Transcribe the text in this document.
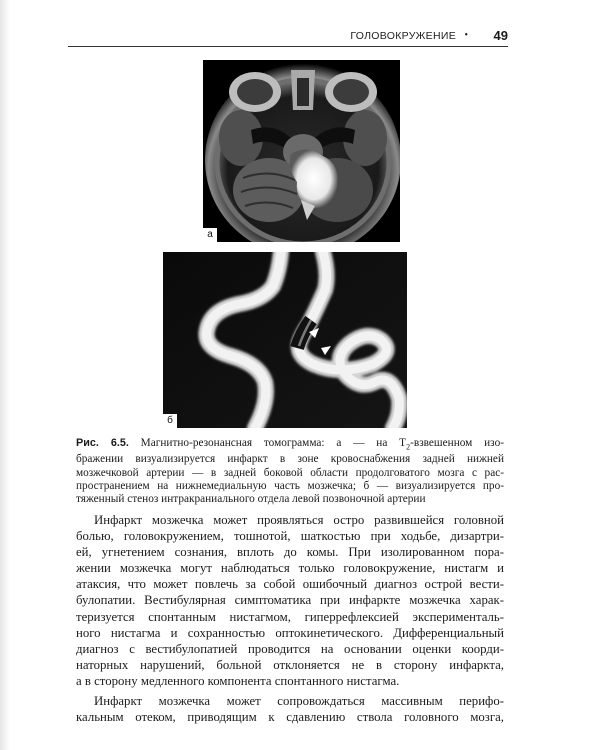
ГОЛОВОКРУЖЕНИЕ • 49
а
б
Рис. 6.5. Магнитно-резонансная томограмма: а — на $T_2$-взвешенном изо-
бражении визуализируется инфаркт в зоне кровоснабжения задней нижней
мозжечковой артерии — в задней боковой области продолговатого мозга с рас-
пространением на нижнемедиальную часть мозжечка; б — визуализируется про-
тяженный стеноз интракраниального отдела левой позвоночной артерии
Инфаркт мозжечка может проявляться остро развившейся головной
болью, головокружением, тошнотой, шаткостью при ходьбе, дизартри-
ей, угнетением сознания, вплоть до комы. При изолированном пора-
жении мозжечка могут наблюдаться только головокружение, нистагм и
атаксия, что может повлечь за собой ошибочный диагноз острой вести-
булопатии. Вестибулярная симптоматика при инфаркте мозжечка харак-
теризуется спонтанным нистагмом, гиперрефлексией эксперименталь-
ного нистагма и сохранностью оптокинетического. Дифференциальный
диагноз с вестибулопатией проводится на основании оценки коорди-
наторных нарушений, больной отклоняется не в сторону инфаркта,
а в сторону медленного компонента спонтанного нистагма.
Инфаркт мозжечка может сопровождаться массивным перифо-
кальным отеком, приводящим к сдавлению ствола головного мозга,
